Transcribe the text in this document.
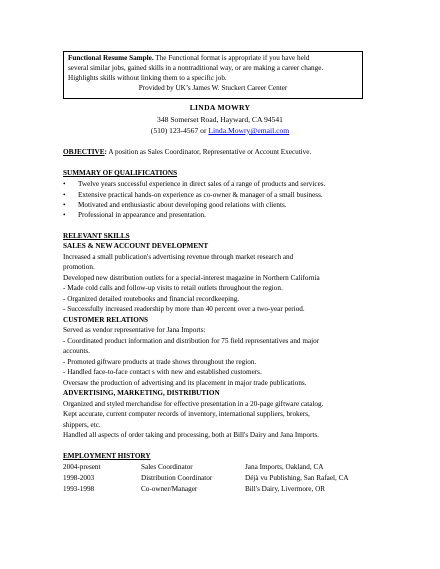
Functional Resume Sample. The Functional format is appropriate if you have held
several similar jobs, gained skills in a nontraditional way, or are making a career change.
Highlights skills without linking them to a specific job.
Provided by UK’s James W. Stuckert Career Center
LINDA MOWRY
348 Somerset Road, Hayward, CA 94541
(510) 123-4567 or Linda.Mowry@email.com
OBJECTIVE: A position as Sales Coordinator, Representative or Account Executive.
SUMMARY OF QUALIFICATIONS
• Twelve years successful experience in direct sales of a range of products and services.
• Extensive practical hands-on experience as co-owner & manager of a small business.
• Motivated and enthusiastic about developing good relations with clients.
• Professional in appearance and presentation.
RELEVANT SKILLS
SALES & NEW ACCOUNT DEVELOPMENT
Increased a small publication's advertising revenue through market research and
promotion.
Developed new distribution outlets for a special-interest magazine in Northern California
- Made cold calls and follow-up visits to retail outlets throughout the region.
- Organized detailed routebooks and financial recordkeeping.
- Successfully increased readership by more than 40 percent over a two-year period.
CUSTOMER RELATIONS
Served as vendor representative for Jana Imports:
- Coordinated product information and distribution for 75 field representatives and major
accounts.
- Promoted giftware products at trade shows throughout the region.
- Handled face-to-face contact s with new and established customers.
Oversaw the production of advertising and its placement in major trade publications.
ADVERTISING, MARKETING, DISTRIBUTION
Organized and styled merchandise for effective presentation in a 20-page giftware catalog.
Kept accurate, current computer records of inventory, international suppliers, brokers,
shippers, etc.
Handled all aspects of order taking and processing, both at Bill's Dairy and Jana Imports.
EMPLOYMENT HISTORY
2004-present	Sales Coordinator	Jana Imports, Oakland, CA
1998-2003	Distribution Coordinator	Déjà vu Publishing, San Rafael, CA
1993-1998	Co-owner/Manager	Bill's Dairy, Livermore, OR
